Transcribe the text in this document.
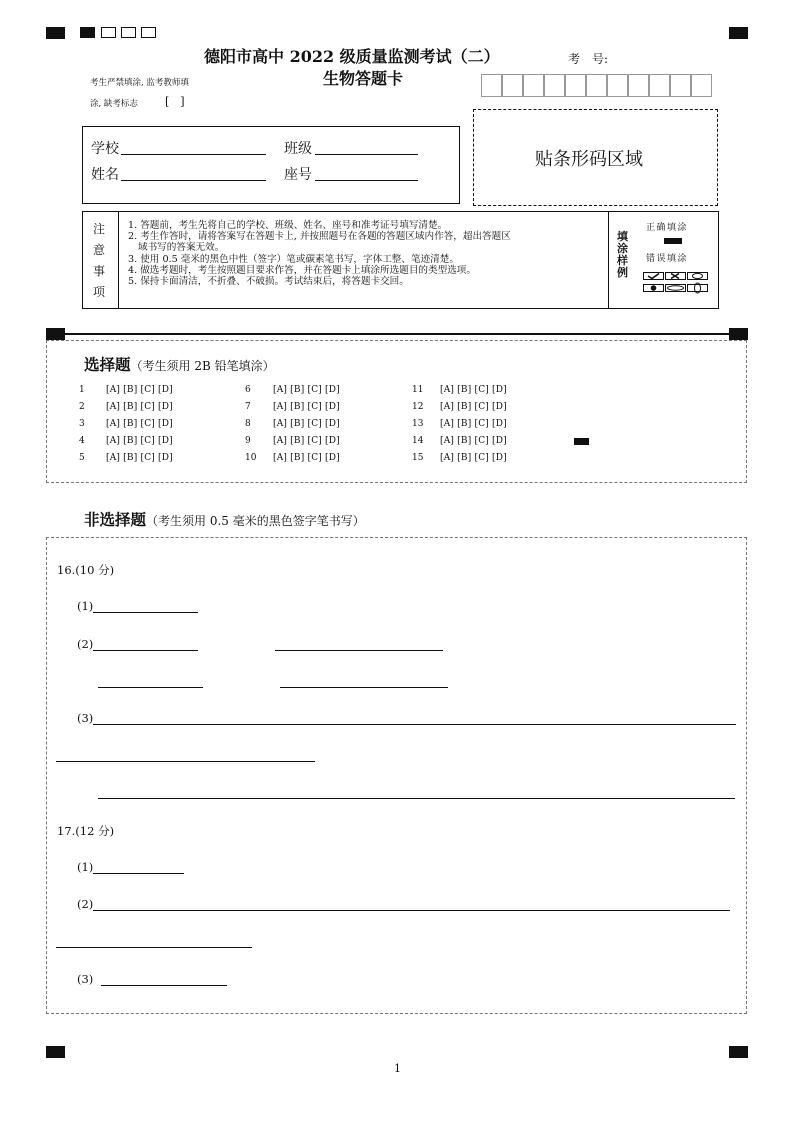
德阳市高中 2022 级质量监测考试（二）
生物答题卡
考　号:
考生严禁填涂, 监考教师填
涂, 缺考标志 [　]
学校	班级
姓名	座号
贴条形码区域
注
意
事
项
1. 答题前，考生先将自己的学校、班级、姓名、座号和准考证号填写清楚。
2. 考生作答时，请将答案写在答题卡上, 并按照题号在各题的答题区域内作答，超出答题区
域书写的答案无效。
3. 使用 0.5 毫米的黑色中性（签字）笔或碳素笔书写，字体工整、笔迹清楚。
4. 做选考题时，考生按照题目要求作答，并在答题卡上填涂所选题目的类型选项。
5. 保持卡面清洁，不折叠、不破损。考试结束后，将答题卡交回。
填
涂
样
例
正确填涂
错误填涂
选择题（考生须用 2B 铅笔填涂）
1 [A] [B] [C] [D]
2 [A] [B] [C] [D]
3 [A] [B] [C] [D]
4 [A] [B] [C] [D]
5 [A] [B] [C] [D]
6 [A] [B] [C] [D]
7 [A] [B] [C] [D]
8 [A] [B] [C] [D]
9 [A] [B] [C] [D]
10 [A] [B] [C] [D]
11 [A] [B] [C] [D]
12 [A] [B] [C] [D]
13 [A] [B] [C] [D]
14 [A] [B] [C] [D]
15 [A] [B] [C] [D]
非选择题（考生须用 0.5 毫米的黑色签字笔书写）
16.(10 分)
(1)
(2)
(3)
17.(12 分)
(1)
(2)
(3)
1
